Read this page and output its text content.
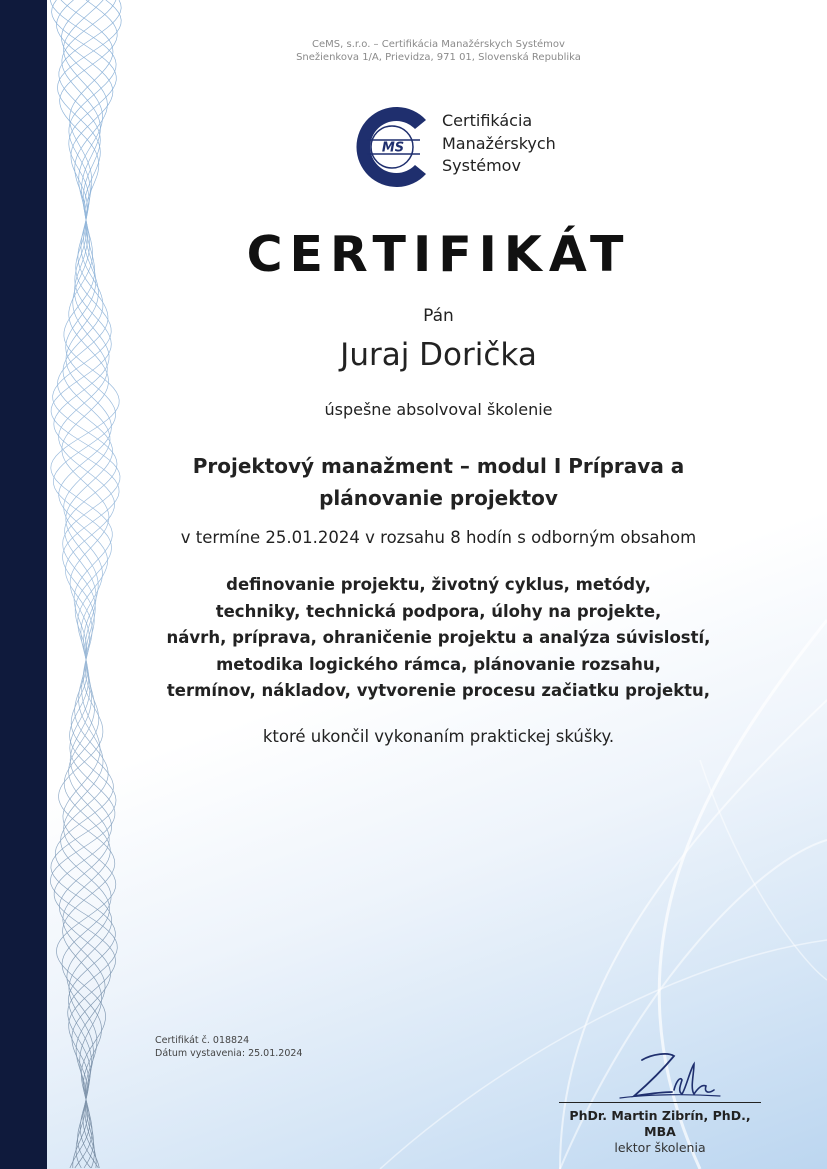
CeMS, s.r.o. – Certifikácia Manažérskych Systémov
Snežienkova 1/A, Prievidza, 971 01, Slovenská Republika
MS
Certifikácia
Manažérskych
Systémov
CERTIFIKÁT
Pán
Juraj Dorička
úspešne absolvoval školenie
Projektový manažment – modul I Príprava a
plánovanie projektov
v termíne 25.01.2024 v rozsahu 8 hodín s odborným obsahom
definovanie projektu, životný cyklus, metódy,
techniky, technická podpora, úlohy na projekte,
návrh, príprava, ohraničenie projektu a analýza súvislostí,
metodika logického rámca, plánovanie rozsahu,
termínov, nákladov, vytvorenie procesu začiatku projektu,
ktoré ukončil vykonaním praktickej skúšky.
Certifikát č. 018824
Dátum vystavenia: 25.01.2024
PhDr. Martin Zibrín, PhD.,
MBA
lektor školenia
